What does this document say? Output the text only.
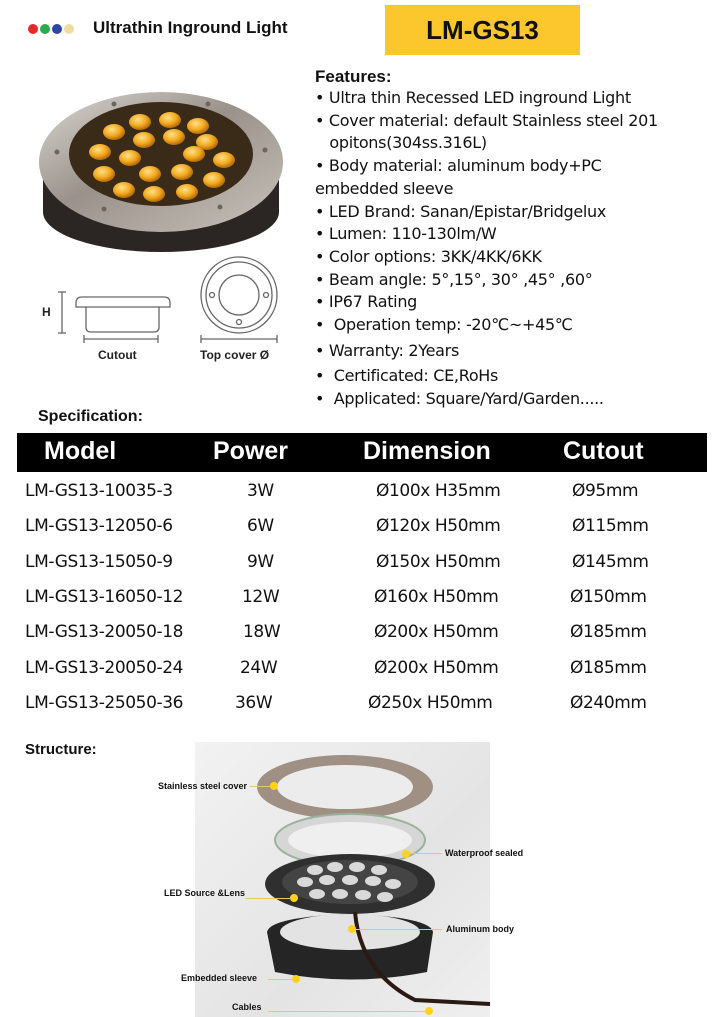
Ultrathin Inground Light	LM-GS13
H
Cutout	Top cover Ø
Features:
• Ultra thin Recessed LED inground Light
• Cover material: default Stainless steel 201
opitons(304ss.316L)
• Body material: aluminum body+PC
embedded sleeve
• LED Brand: Sanan/Epistar/Bridgelux
• Lumen: 110-130lm/W
• Color options: 3KK/4KK/6KK
• Beam angle: 5°,15°, 30° ,45° ,60°
• IP67 Rating
•  Operation temp: -20℃~+45℃
• Warranty: 2Years
•  Certificated: CE,RoHs
•  Applicated: Square/Yard/Garden.....
Specification:
Model	Power	Dimension	Cutout
LM-GS13-10035-3	3W	Ø100x H35mm	Ø95mm
LM-GS13-12050-6	6W	Ø120x H50mm	Ø115mm
LM-GS13-15050-9	9W	Ø150x H50mm	Ø145mm
LM-GS13-16050-12	12W	Ø160x H50mm	Ø150mm
LM-GS13-20050-18	18W	Ø200x H50mm	Ø185mm
LM-GS13-20050-24	24W	Ø200x H50mm	Ø185mm
LM-GS13-25050-36	36W	Ø250x H50mm	Ø240mm
Structure:
Stainless steel cover
Waterproof sealed
LED Source &Lens
Aluminum body
Embedded sleeve
Cables
